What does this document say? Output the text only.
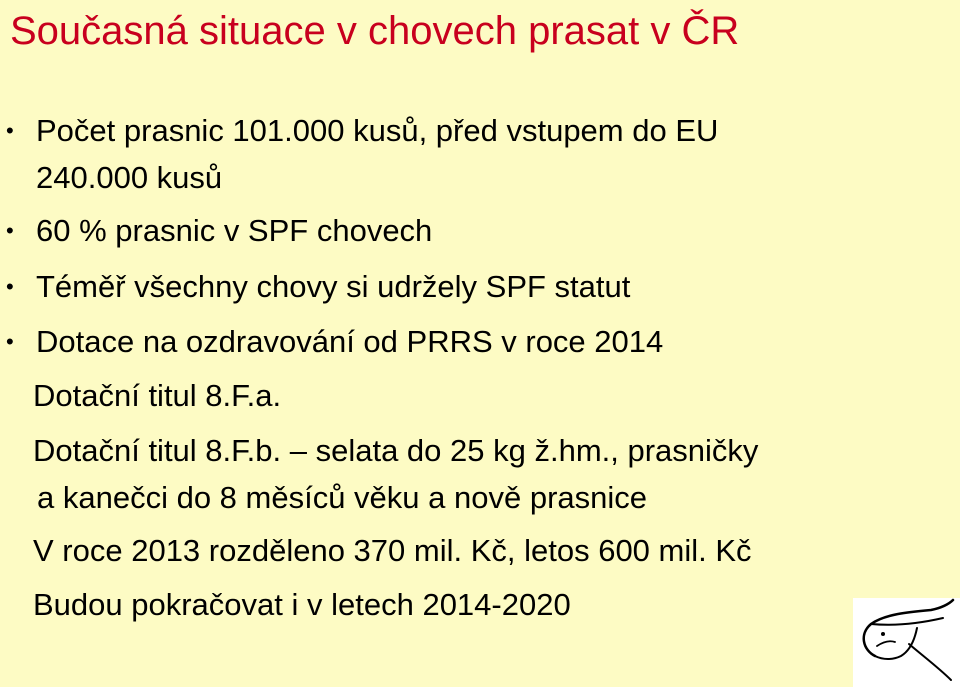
Současná situace v chovech prasat v ČR
• Počet prasnic 101.000 kusů, před vstupem do EU
240.000 kusů
• 60 % prasnic v SPF chovech
• Téměř všechny chovy si udržely SPF statut
• Dotace na ozdravování od PRRS v roce 2014
Dotační titul 8.F.a.
Dotační titul 8.F.b. – selata do 25 kg ž.hm., prasničky
a kanečci do 8 měsíců věku a nově prasnice
V roce 2013 rozděleno 370 mil. Kč, letos 600 mil. Kč
Budou pokračovat i v letech 2014-2020
